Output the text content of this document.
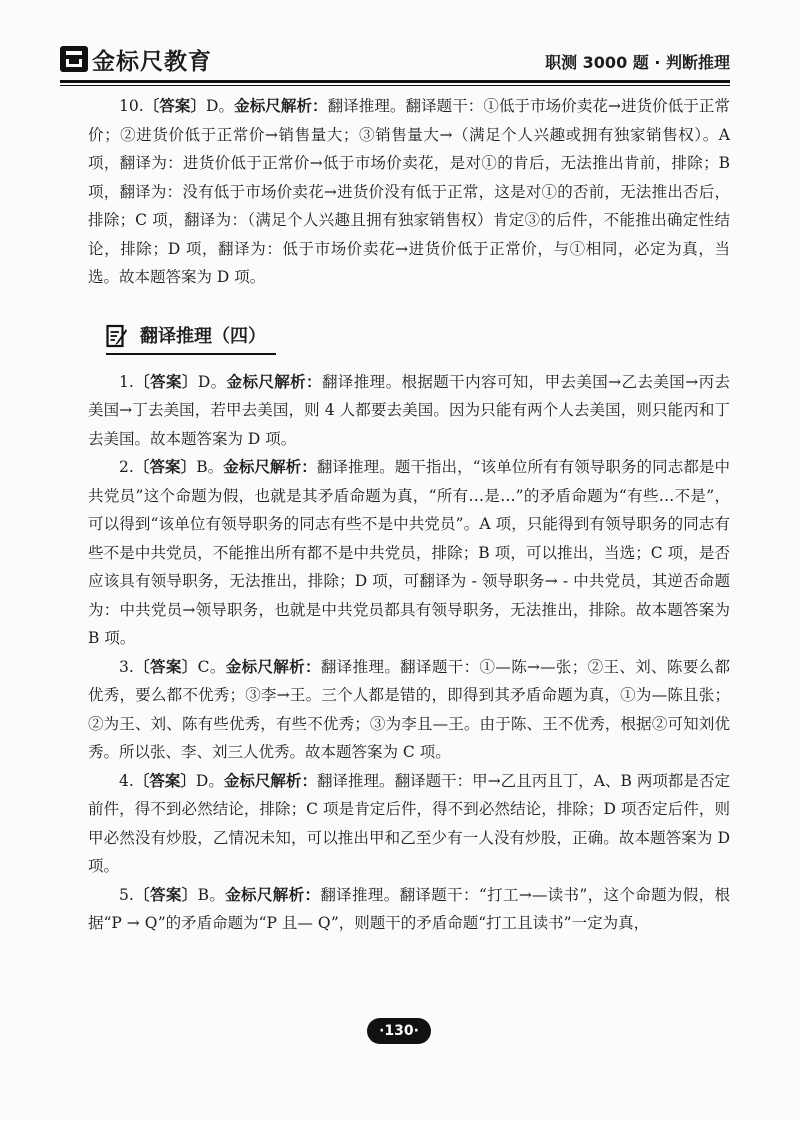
金标尺教育	职测 3000 题 · 判断推理

10.〔答案〕D。金标尺解析：翻译推理。翻译题干：①低于市场价卖花→进货价低于正常价；②进货价低于正常价→销售量大；③销售量大→（满足个人兴趣或拥有独家销售权）。A 项，翻译为：进货价低于正常价→低于市场价卖花，是对①的肯后，无法推出肯前，排除；B 项，翻译为：没有低于市场价卖花→进货价没有低于正常，这是对①的否前，无法推出否后，排除；C 项，翻译为：（满足个人兴趣且拥有独家销售权）肯定③的后件，不能推出确定性结论，排除；D 项，翻译为：低于市场价卖花→进货价低于正常价，与①相同，必定为真，当选。故本题答案为 D 项。

翻译推理（四）

1.〔答案〕D。金标尺解析：翻译推理。根据题干内容可知，甲去美国→乙去美国→丙去美国→丁去美国，若甲去美国，则 4 人都要去美国。因为只能有两个人去美国，则只能丙和丁去美国。故本题答案为 D 项。

2.〔答案〕B。金标尺解析：翻译推理。题干指出，“该单位所有有领导职务的同志都是中共党员”这个命题为假，也就是其矛盾命题为真，“所有…是…”的矛盾命题为“有些…不是”，可以得到“该单位有领导职务的同志有些不是中共党员”。A 项，只能得到有领导职务的同志有些不是中共党员，不能推出所有都不是中共党员，排除；B 项，可以推出，当选；C 项，是否应该具有领导职务，无法推出，排除；D 项，可翻译为 - 领导职务→ - 中共党员，其逆否命题为：中共党员→领导职务，也就是中共党员都具有领导职务，无法推出，排除。故本题答案为 B 项。

3.〔答案〕C。金标尺解析：翻译推理。翻译题干：①—陈→—张；②王、刘、陈要么都优秀，要么都不优秀；③李→王。三个人都是错的，即得到其矛盾命题为真，①为—陈且张；②为王、刘、陈有些优秀，有些不优秀；③为李且—王。由于陈、王不优秀，根据②可知刘优秀。所以张、李、刘三人优秀。故本题答案为 C 项。

4.〔答案〕D。金标尺解析：翻译推理。翻译题干：甲→乙且丙且丁，A、B 两项都是否定前件，得不到必然结论，排除；C 项是肯定后件，得不到必然结论，排除；D 项否定后件，则甲必然没有炒股，乙情况未知，可以推出甲和乙至少有一人没有炒股，正确。故本题答案为 D 项。

5.〔答案〕B。金标尺解析：翻译推理。翻译题干：“打工→—读书”，这个命题为假，根据“P → Q”的矛盾命题为“P 且— Q”，则题干的矛盾命题“打工且读书”一定为真，

·130·
